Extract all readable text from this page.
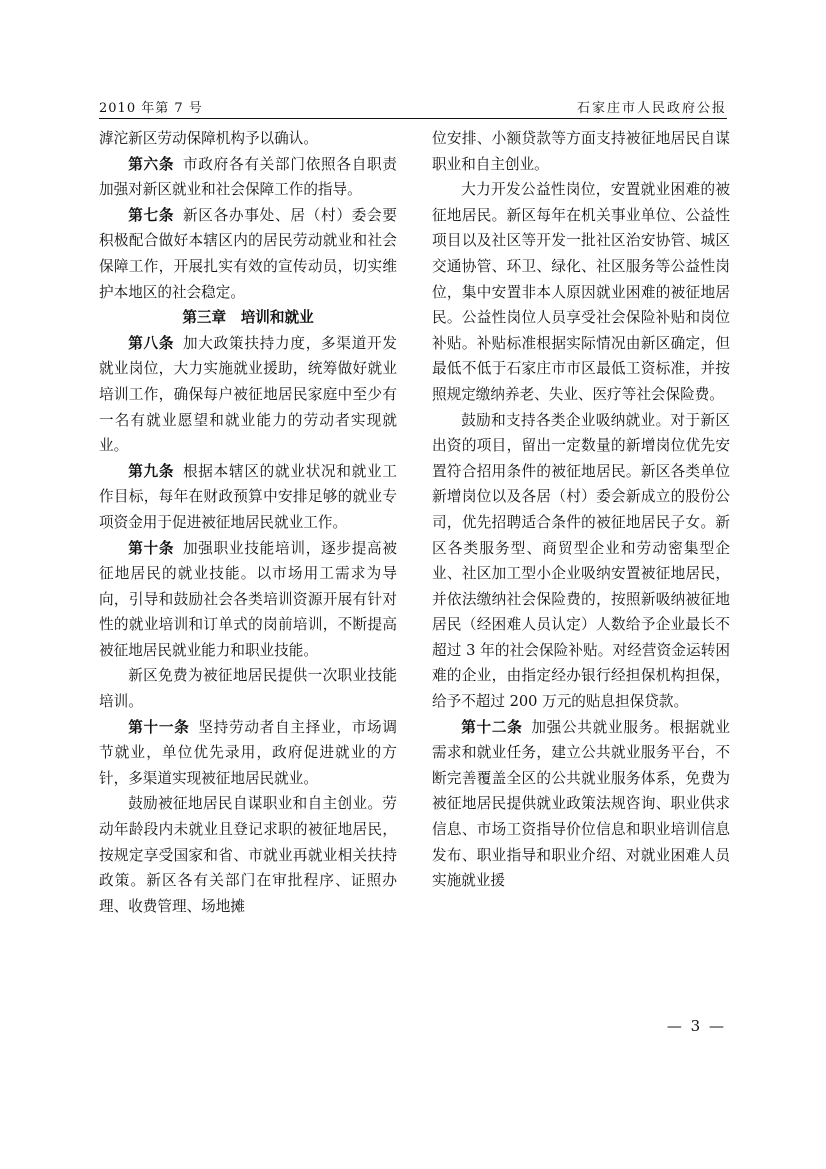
2010 年第 7 号	石家庄市人民政府公报

滹沱新区劳动保障机构予以确认。

第六条 市政府各有关部门依照各自职责加强对新区就业和社会保障工作的指导。

第七条 新区各办事处、居（村）委会要积极配合做好本辖区内的居民劳动就业和社会保障工作，开展扎实有效的宣传动员，切实维护本地区的社会稳定。

第三章　培训和就业

第八条 加大政策扶持力度，多渠道开发就业岗位，大力实施就业援助，统筹做好就业培训工作，确保每户被征地居民家庭中至少有一名有就业愿望和就业能力的劳动者实现就业。

第九条 根据本辖区的就业状况和就业工作目标，每年在财政预算中安排足够的就业专项资金用于促进被征地居民就业工作。

第十条 加强职业技能培训，逐步提高被征地居民的就业技能。以市场用工需求为导向，引导和鼓励社会各类培训资源开展有针对性的就业培训和订单式的岗前培训，不断提高被征地居民就业能力和职业技能。

新区免费为被征地居民提供一次职业技能培训。

第十一条 坚持劳动者自主择业，市场调节就业，单位优先录用，政府促进就业的方针，多渠道实现被征地居民就业。

鼓励被征地居民自谋职业和自主创业。劳动年龄段内未就业且登记求职的被征地居民，按规定享受国家和省、市就业再就业相关扶持政策。新区各有关部门在审批程序、证照办理、收费管理、场地摊

位安排、小额贷款等方面支持被征地居民自谋职业和自主创业。

大力开发公益性岗位，安置就业困难的被征地居民。新区每年在机关事业单位、公益性项目以及社区等开发一批社区治安协管、城区交通协管、环卫、绿化、社区服务等公益性岗位，集中安置非本人原因就业困难的被征地居民。公益性岗位人员享受社会保险补贴和岗位补贴。补贴标准根据实际情况由新区确定，但最低不低于石家庄市市区最低工资标准，并按照规定缴纳养老、失业、医疗等社会保险费。

鼓励和支持各类企业吸纳就业。对于新区出资的项目，留出一定数量的新增岗位优先安置符合招用条件的被征地居民。新区各类单位新增岗位以及各居（村）委会新成立的股份公司，优先招聘适合条件的被征地居民子女。新区各类服务型、商贸型企业和劳动密集型企业、社区加工型小企业吸纳安置被征地居民，并依法缴纳社会保险费的，按照新吸纳被征地居民（经困难人员认定）人数给予企业最长不超过 3 年的社会保险补贴。对经营资金运转困难的企业，由指定经办银行经担保机构担保，给予不超过 200 万元的贴息担保贷款。

第十二条 加强公共就业服务。根据就业需求和就业任务，建立公共就业服务平台，不断完善覆盖全区的公共就业服务体系，免费为被征地居民提供就业政策法规咨询、职业供求信息、市场工资指导价位信息和职业培训信息发布、职业指导和职业介绍、对就业困难人员实施就业援

— 3 —
